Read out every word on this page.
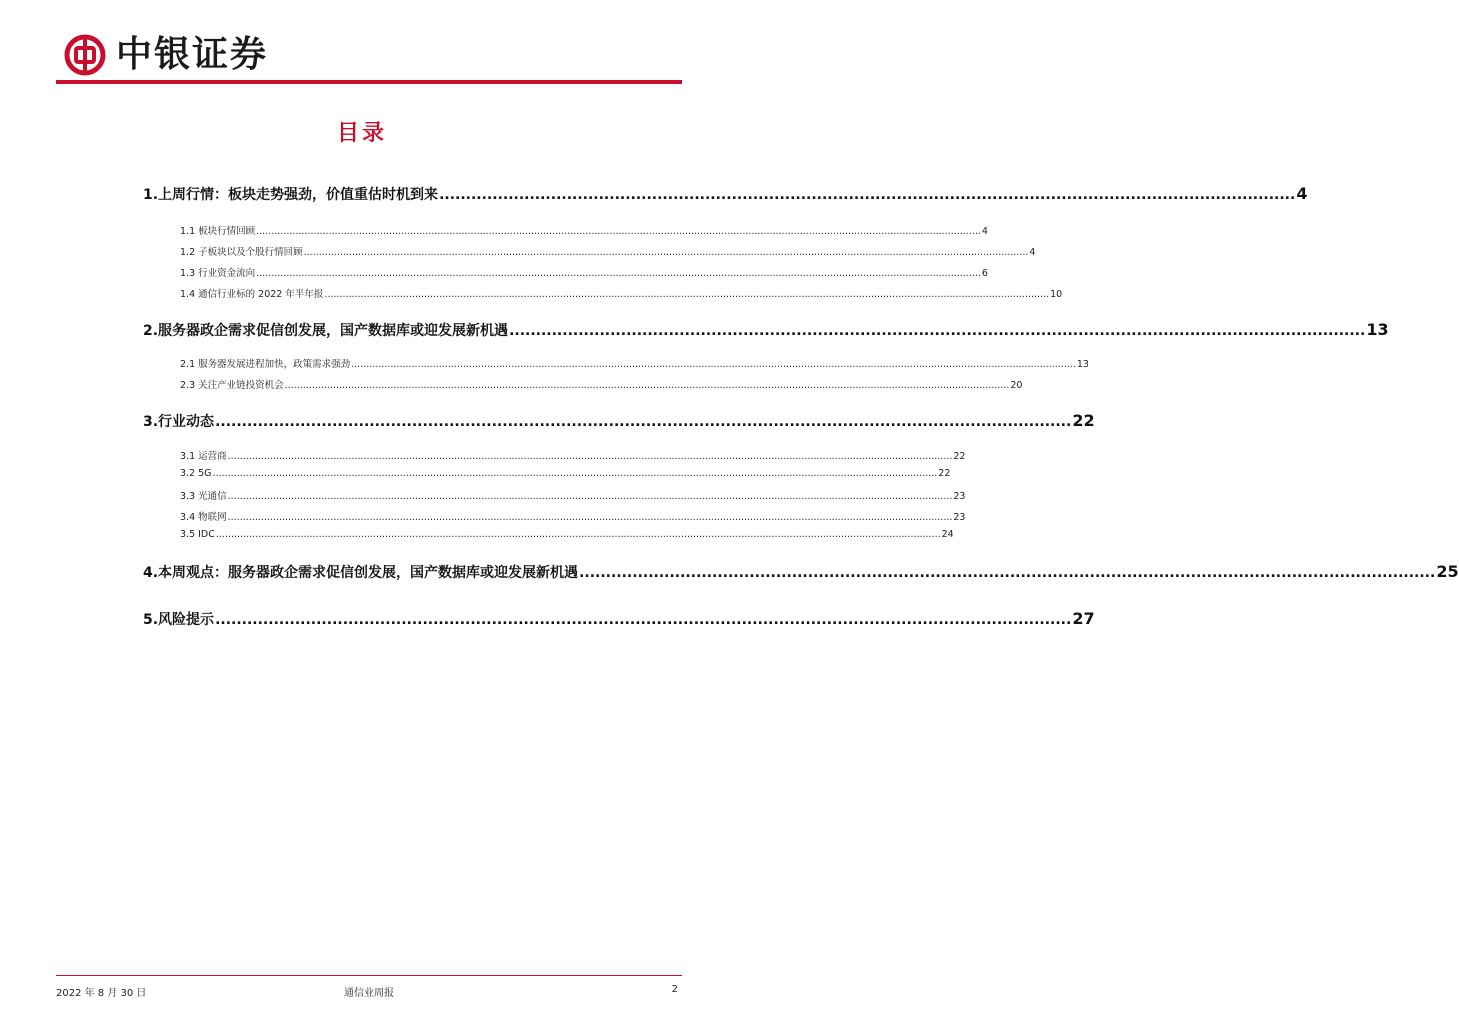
中银证券
目录
1.上周行情：板块走势强劲，价值重估时机到来 ................................................................................................................................................................. 4
1.1 板块行情回顾 ................................................................................................................................................................................................................................................ 4
1.2 子板块以及个股行情回顾 ................................................................................................................................................................................................................................................ 4
1.3 行业资金流向 ................................................................................................................................................................................................................................................ 6
1.4 通信行业标的 2022 年半年报 ................................................................................................................................................................................................................................................ 10
2.服务器政企需求促信创发展，国产数据库或迎发展新机遇 ................................................................................................................................................................. 13
2.1 服务器发展进程加快，政策需求强劲 ................................................................................................................................................................................................................................................ 13
2.3 关注产业链投资机会 ................................................................................................................................................................................................................................................ 20
3.行业动态 ................................................................................................................................................................. 22
3.1 运营商 ................................................................................................................................................................................................................................................ 22
3.2 5G ................................................................................................................................................................................................................................................ 22
3.3 光通信 ................................................................................................................................................................................................................................................ 23
3.4 物联网 ................................................................................................................................................................................................................................................ 23
3.5 IDC ................................................................................................................................................................................................................................................ 24
4.本周观点：服务器政企需求促信创发展，国产数据库或迎发展新机遇 ................................................................................................................................................................. 25
5.风险提示 ................................................................................................................................................................. 27
2022 年 8 月 30 日	通信业周报	2
